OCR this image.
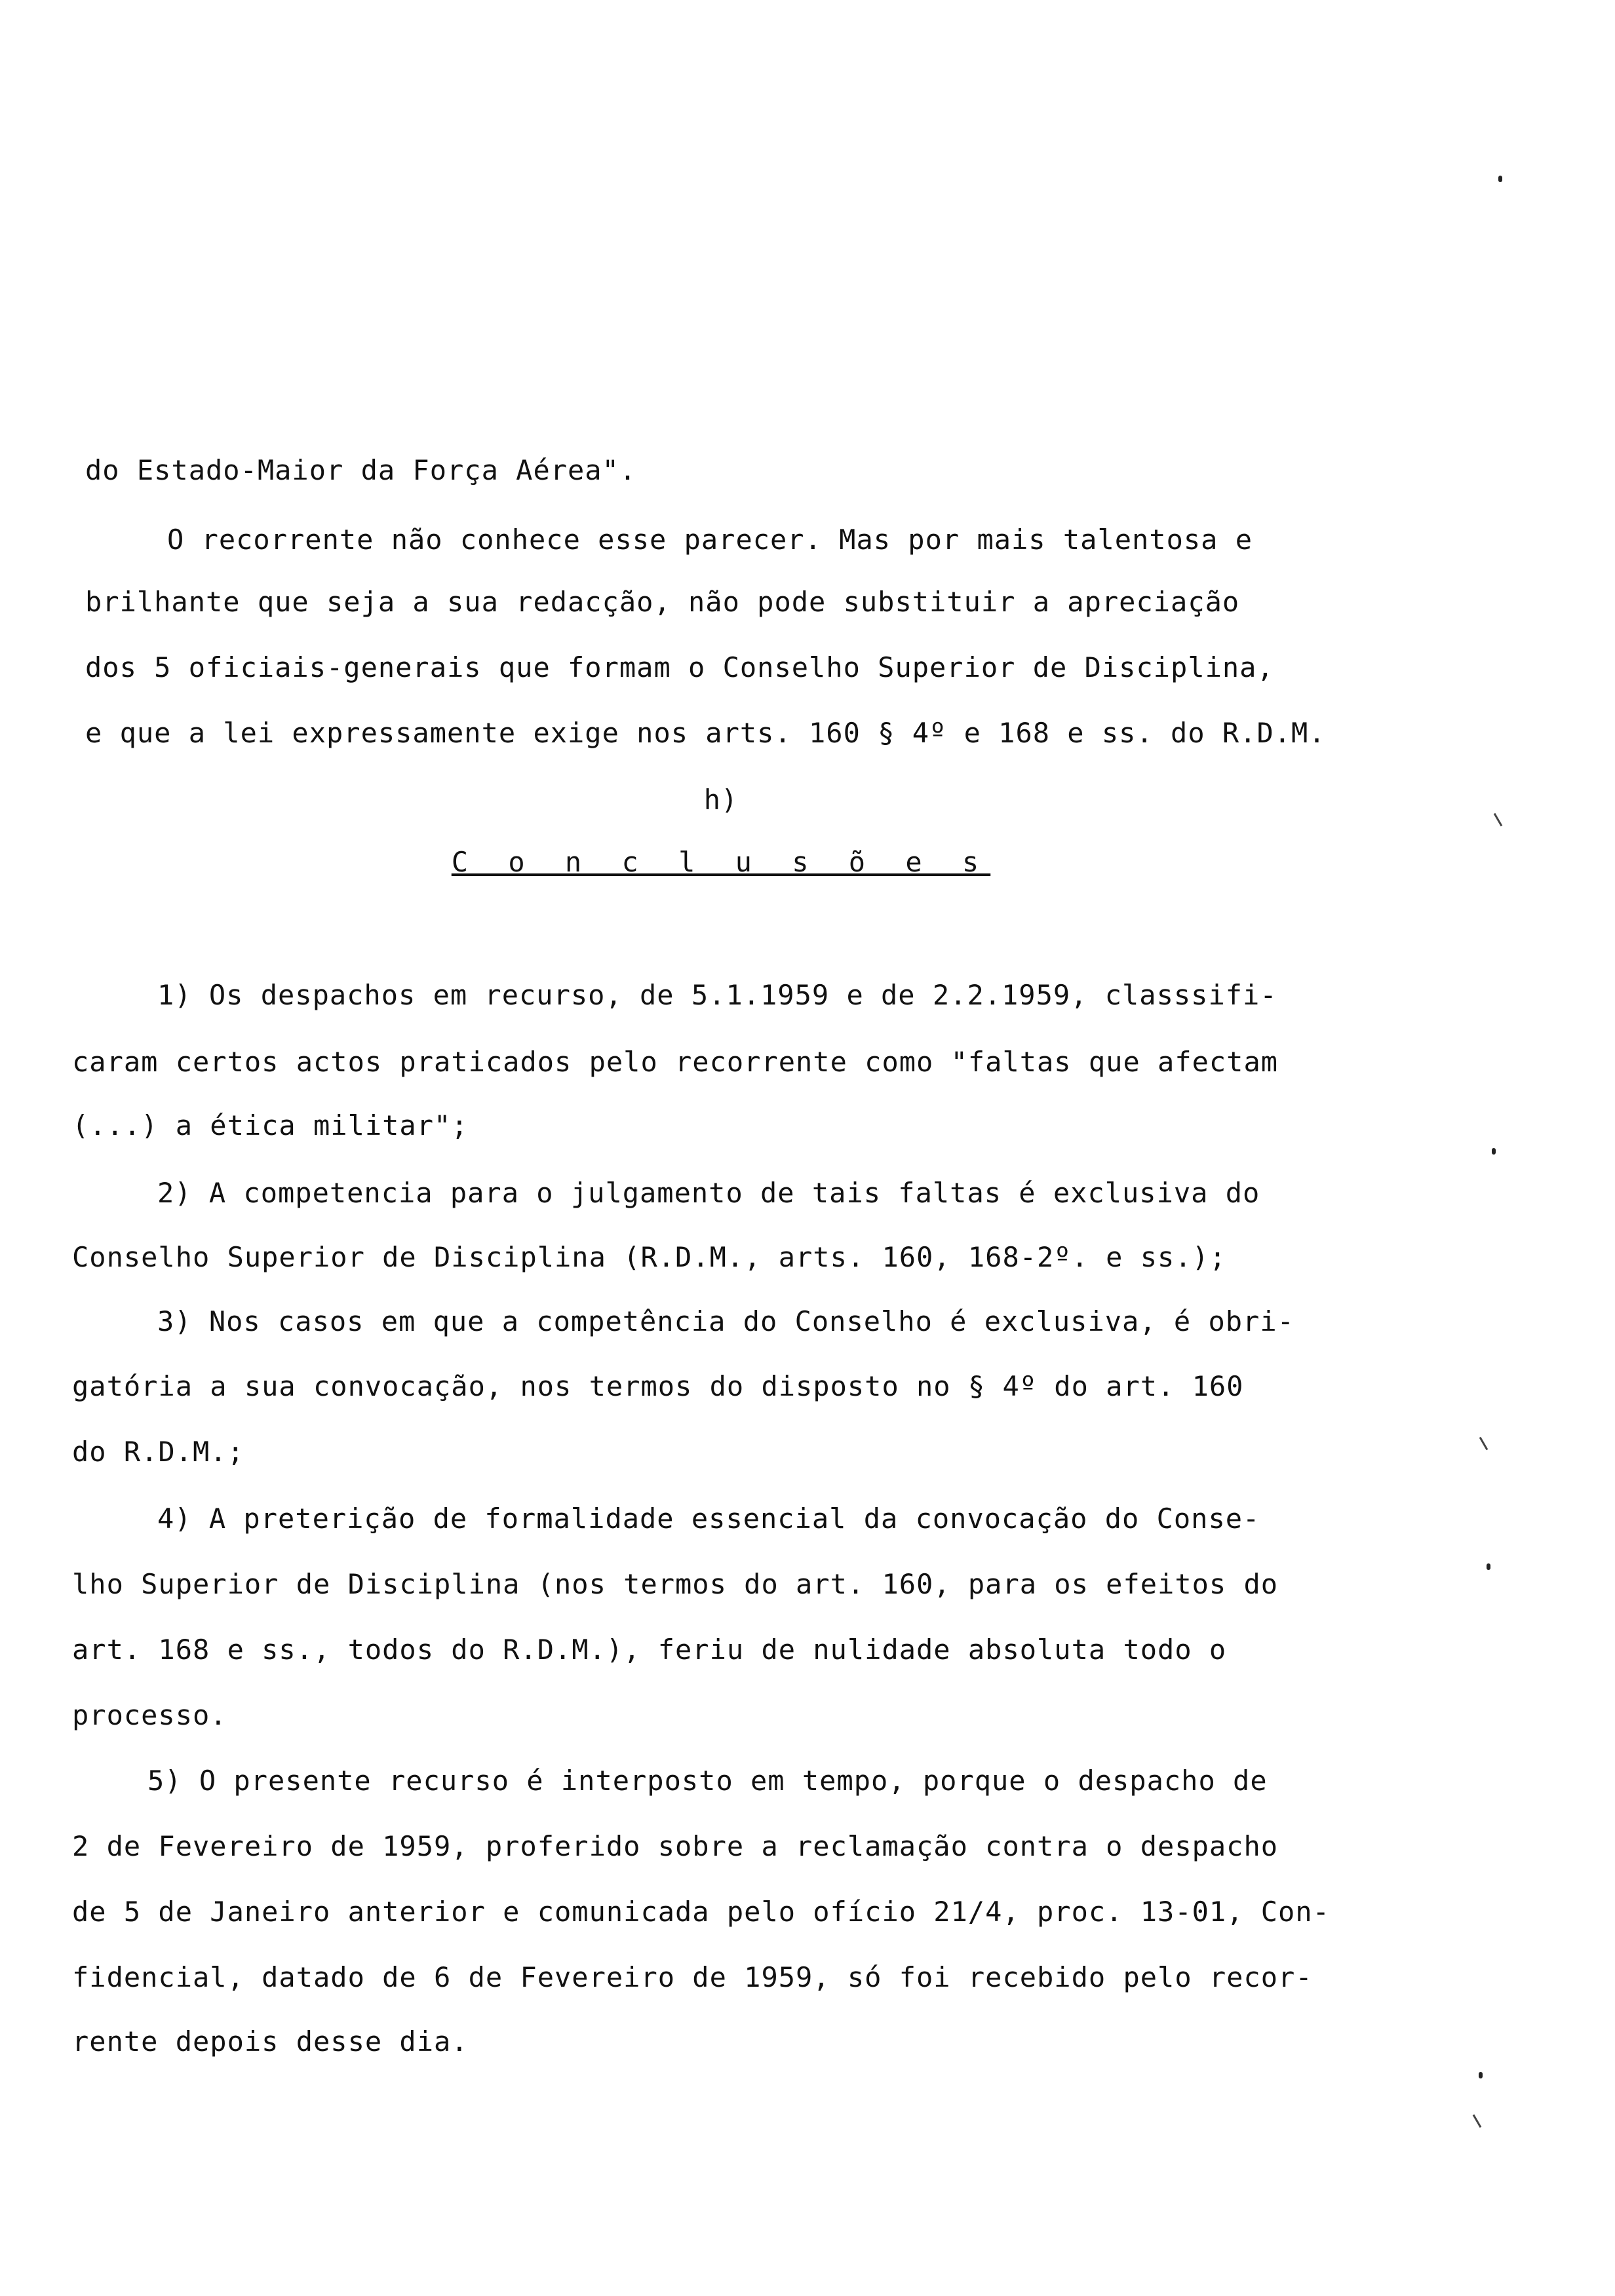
do Estado-Maior da Força Aérea".
O recorrente não conhece esse parecer. Mas por mais talentosa e
brilhante que seja a sua redacção, não pode substituir a apreciação
dos 5 oficiais-generais que formam o Conselho Superior de Disciplina,
e que a lei expressamente exige nos arts. 160 § 4º e 168 e ss. do R.D.M.
h)
C o n c l u s õ e s
1) Os despachos em recurso, de 5.1.1959 e de 2.2.1959, classsifi-
caram certos actos praticados pelo recorrente como "faltas que afectam
(...) a ética militar";
2) A competencia para o julgamento de tais faltas é exclusiva do
Conselho Superior de Disciplina (R.D.M., arts. 160, 168-2º. e ss.);
3) Nos casos em que a competência do Conselho é exclusiva, é obri-
gatória a sua convocação, nos termos do disposto no § 4º do art. 160
do R.D.M.;
4) A preterição de formalidade essencial da convocação do Conse-
lho Superior de Disciplina (nos termos do art. 160, para os efeitos do
art. 168 e ss., todos do R.D.M.), feriu de nulidade absoluta todo o
processo.
5) O presente recurso é interposto em tempo, porque o despacho de
2 de Fevereiro de 1959, proferido sobre a reclamação contra o despacho
de 5 de Janeiro anterior e comunicada pelo ofício 21/4, proc. 13-01, Con-
fidencial, datado de 6 de Fevereiro de 1959, só foi recebido pelo recor-
rente depois desse dia.
